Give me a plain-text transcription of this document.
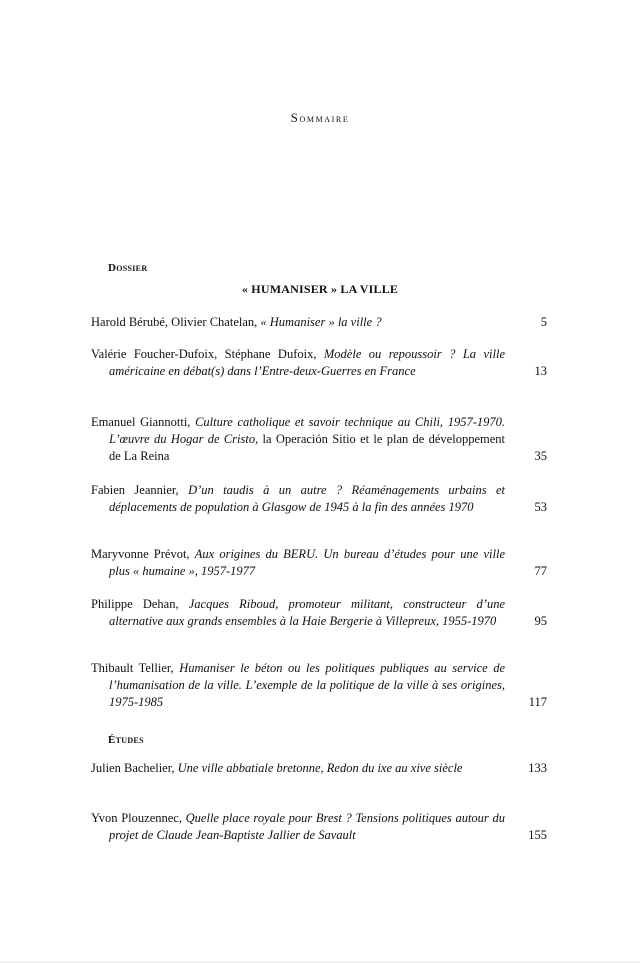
Sommaire
Dossier
« HUMANISER » LA VILLE
Harold Bérubé, Olivier Chatelan, « Humaniser » la ville ?	5
Valérie Foucher-Dufoix, Stéphane Dufoix, Modèle ou repoussoir ? La ville américaine en débat(s) dans l’Entre-deux-Guerres en France	13
Emanuel Giannotti, Culture catholique et savoir technique au Chili, 1957-1970. L’œuvre du Hogar de Cristo, la Operación Sitio et le plan de développement de La Reina	35
Fabien Jeannier, D’un taudis à un autre ? Réaménagements urbains et déplacements de population à Glasgow de 1945 à la fin des années 1970	53
Maryvonne Prévot, Aux origines du BERU. Un bureau d’études pour une ville plus « humaine », 1957-1977	77
Philippe Dehan, Jacques Riboud, promoteur militant, constructeur d’une alternative aux grands ensembles à la Haie Bergerie à Villepreux, 1955-1970	95
Thibault Tellier, Humaniser le béton ou les politiques publiques au service de l’humanisation de la ville. L’exemple de la politique de la ville à ses origines, 1975-1985	117
Études
Julien Bachelier, Une ville abbatiale bretonne, Redon du ixe au xive siècle	133
Yvon Plouzennec, Quelle place royale pour Brest ? Tensions politiques autour du projet de Claude Jean-Baptiste Jallier de Savault	155
